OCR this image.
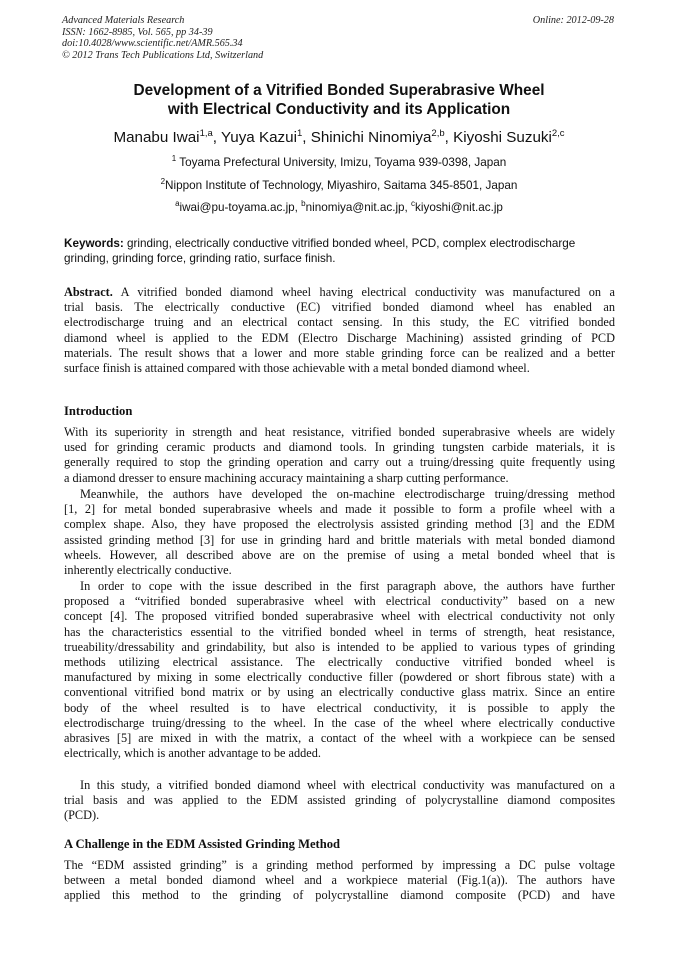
Advanced Materials Research
ISSN: 1662-8985, Vol. 565, pp 34-39
doi:10.4028/www.scientific.net/AMR.565.34
© 2012 Trans Tech Publications Ltd, Switzerland
Online: 2012-09-28
Development of a Vitrified Bonded Superabrasive Wheel
with Electrical Conductivity and its Application
Manabu Iwai$^{1,a}$, Yuya Kazui$^1$, Shinichi Ninomiya$^{2,b}$, Kiyoshi Suzuki$^{2,c}$
$^1$ Toyama Prefectural University, Imizu, Toyama 939-0398, Japan
$^2$Nippon Institute of Technology, Miyashiro, Saitama 345-8501, Japan
$^a$iwai@pu-toyama.ac.jp, $^b$ninomiya@nit.ac.jp, $^c$kiyoshi@nit.ac.jp
Keywords: grinding, electrically conductive vitrified bonded wheel, PCD, complex electrodischarge
grinding, grinding force, grinding ratio, surface finish.
Abstract. A vitrified bonded diamond wheel having electrical conductivity was manufactured on a
trial basis. The electrically conductive (EC) vitrified bonded diamond wheel has enabled an
electrodischarge truing and an electrical contact sensing. In this study, the EC vitrified bonded
diamond wheel is applied to the EDM (Electro Discharge Machining) assisted grinding of PCD
materials. The result shows that a lower and more stable grinding force can be realized and a better
surface finish is attained compared with those achievable with a metal bonded diamond wheel.
Introduction
With its superiority in strength and heat resistance, vitrified bonded superabrasive wheels are widely
used for grinding ceramic products and diamond tools. In grinding tungsten carbide materials, it is
generally required to stop the grinding operation and carry out a truing/dressing quite frequently using
a diamond dresser to ensure machining accuracy maintaining a sharp cutting performance.
Meanwhile, the authors have developed the on-machine electrodischarge truing/dressing method
[1, 2] for metal bonded superabrasive wheels and made it possible to form a profile wheel with a
complex shape. Also, they have proposed the electrolysis assisted grinding method [3] and the EDM
assisted grinding method [3] for use in grinding hard and brittle materials with metal bonded diamond
wheels. However, all described above are on the premise of using a metal bonded wheel that is
inherently electrically conductive.
In order to cope with the issue described in the first paragraph above, the authors have further
proposed a “vitrified bonded superabrasive wheel with electrical conductivity” based on a new
concept [4]. The proposed vitrified bonded superabrasive wheel with electrical conductivity not only
has the characteristics essential to the vitrified bonded wheel in terms of strength, heat resistance,
trueability/dressability and grindability, but also is intended to be applied to various types of grinding
methods utilizing electrical assistance. The electrically conductive vitrified bonded wheel is
manufactured by mixing in some electrically conductive filler (powdered or short fibrous state) with a
conventional vitrified bond matrix or by using an electrically conductive glass matrix. Since an entire
body of the wheel resulted is to have electrical conductivity, it is possible to apply the
electrodischarge truing/dressing to the wheel. In the case of the wheel where electrically conductive
abrasives [5] are mixed in with the matrix, a contact of the wheel with a workpiece can be sensed
electrically, which is another advantage to be added.
In this study, a vitrified bonded diamond wheel with electrical conductivity was manufactured on a
trial basis and was applied to the EDM assisted grinding of polycrystalline diamond composites
(PCD).
A Challenge in the EDM Assisted Grinding Method
The “EDM assisted grinding” is a grinding method performed by impressing a DC pulse voltage
between a metal bonded diamond wheel and a workpiece material (Fig.1(a)). The authors have
applied this method to the grinding of polycrystalline diamond composite (PCD) and have
